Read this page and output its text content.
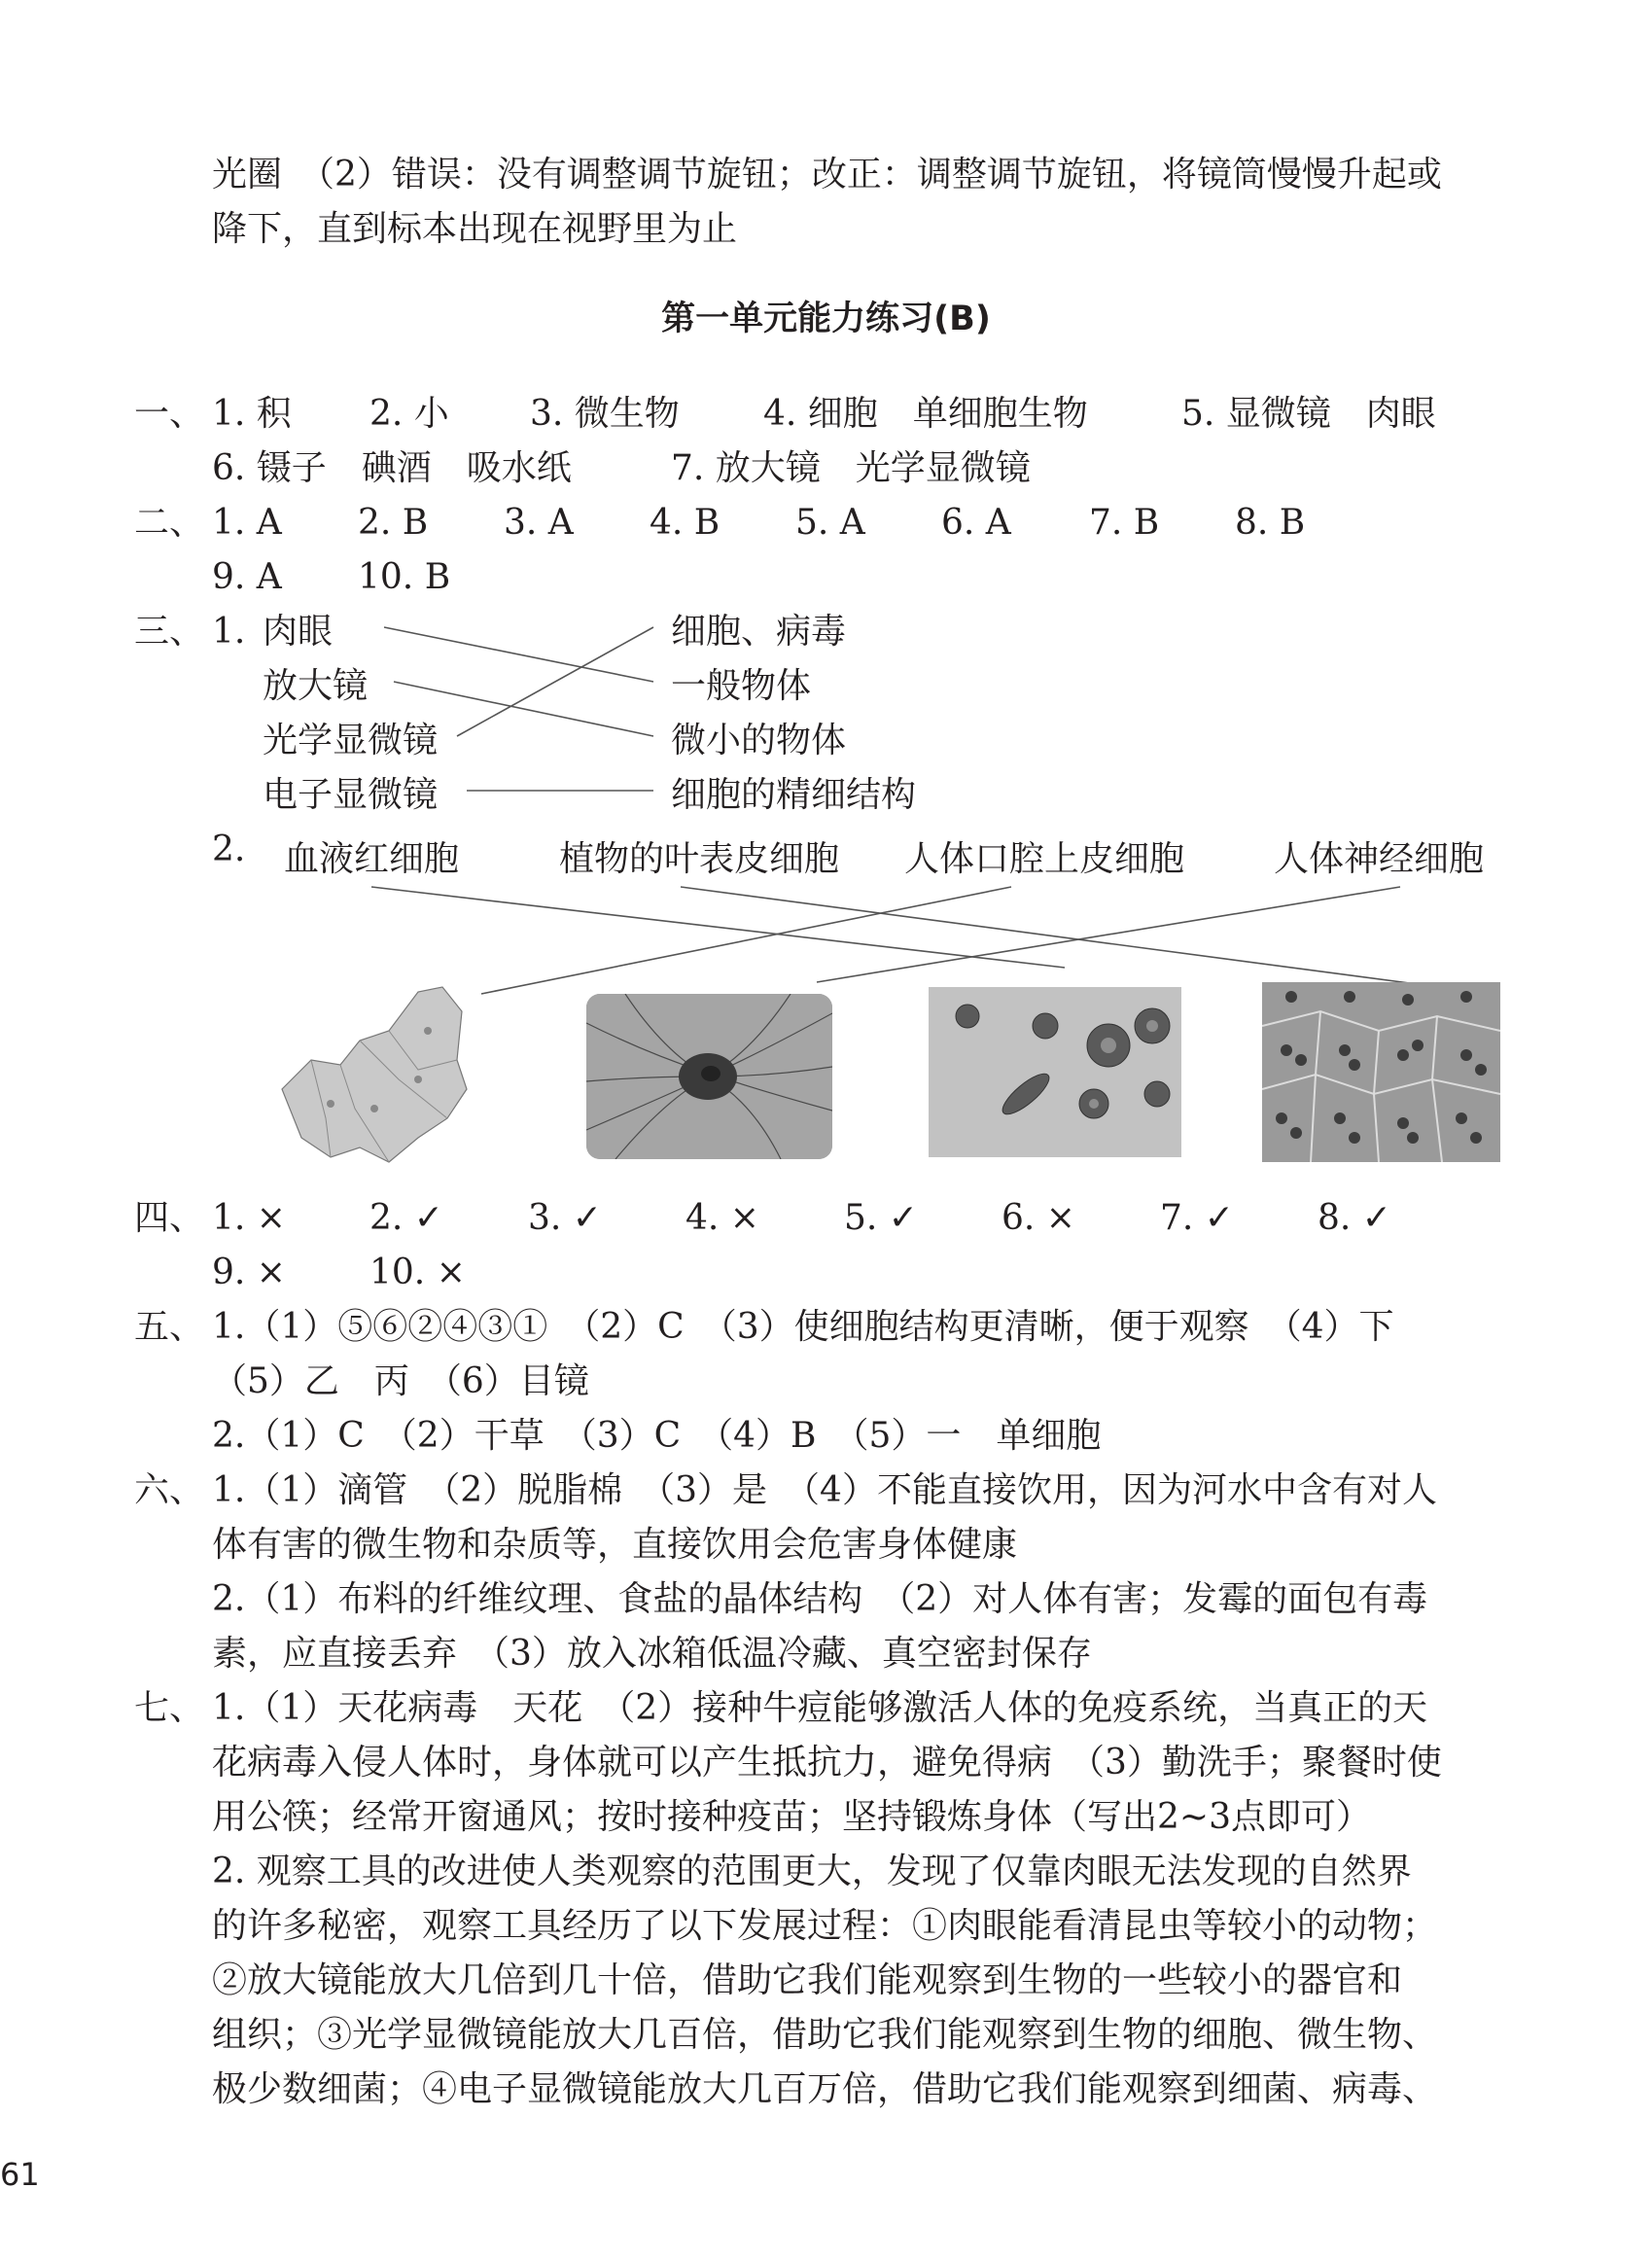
光圈　（2）错误：没有调整调节旋钮；改正：调整调节旋钮，将镜筒慢慢升起或
降下，直到标本出现在视野里为止
第一单元能力练习(B)
一、 1. 积 2. 小 3. 微生物 4. 细胞　单细胞生物	5. 显微镜　肉眼
6. 镊子　碘酒　吸水纸	7. 放大镜　光学显微镜
二、 1. A 2. B 3. A 4. B 5. A 6. A 7. B 8. B
9. A 10. B
三、 1. 肉眼
放大镜
光学显微镜
电子显微镜
细胞、病毒
一般物体
微小的物体
细胞的精细结构
2. 血液红细胞	植物的叶表皮细胞 人体口腔上皮细胞	人体神经细胞
四、 1. × 2. ✓ 3. ✓ 4. × 5. ✓ 6. × 7. ✓ 8. ✓
9. × 10. ×
五、 1.（1）⑤⑥②④③①　（2）C　（3）使细胞结构更清晰，便于观察　（4）下
（5）乙　丙　（6）目镜
2.（1）C　（2）干草　（3）C　（4）B　（5）一　单细胞
六、 1.（1）滴管　（2）脱脂棉　（3）是　（4）不能直接饮用，因为河水中含有对人
体有害的微生物和杂质等，直接饮用会危害身体健康
2.（1）布料的纤维纹理、食盐的晶体结构　（2）对人体有害；发霉的面包有毒
素，应直接丢弃　（3）放入冰箱低温冷藏、真空密封保存
七、 1.（1）天花病毒　天花　（2）接种牛痘能够激活人体的免疫系统，当真正的天
花病毒入侵人体时，身体就可以产生抵抗力，避免得病　（3）勤洗手；聚餐时使
用公筷；经常开窗通风；按时接种疫苗；坚持锻炼身体（写出2~3点即可）
2. 观察工具的改进使人类观察的范围更大，发现了仅靠肉眼无法发现的自然界
的许多秘密，观察工具经历了以下发展过程：①肉眼能看清昆虫等较小的动物；
②放大镜能放大几倍到几十倍，借助它我们能观察到生物的一些较小的器官和
组织；③光学显微镜能放大几百倍，借助它我们能观察到生物的细胞、微生物、
极少数细菌；④电子显微镜能放大几百万倍，借助它我们能观察到细菌、病毒、
61
